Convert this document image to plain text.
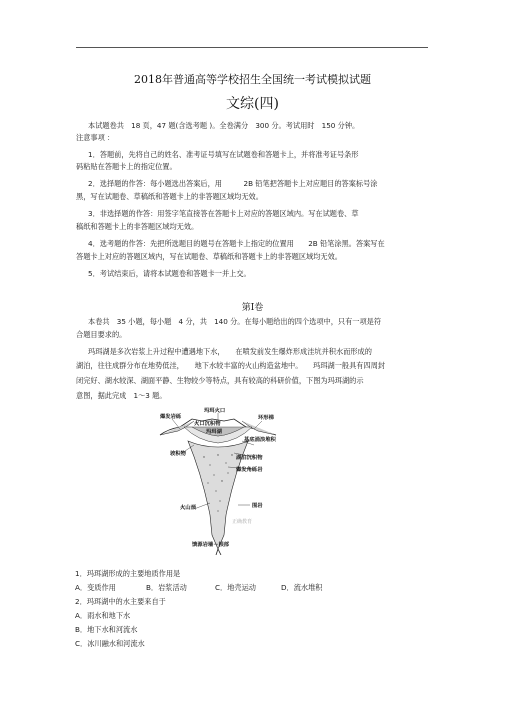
2018年普通高等学校招生全国统一考试模拟试题
文综(四)
本试题卷共　18 页，47 题(含选考题 )。全卷满分　300 分。考试用时　150 分钟。
注意事项 ：
1．答题前，先将自己的姓名、准考证号填写在试题卷和答题卡上，并将准考证号条形
码粘贴在答题卡上的指定位置。
2．选择题的作答：每小题选出答案后，用　　　2B 铅笔把答题卡上对应题目的答案标号涂
黑，写在试题卷、草稿纸和答题卡上的非答题区域均无效。
3．非选择题的作答：用签字笔直接答在答题卡上对应的答题区域内。写在试题卷、草
稿纸和答题卡上的非答题区域均无效。
4．选考题的作答：先把所选题目的题号在答题卡上指定的位置用　　2B 铅笔涂黑。答案写在
答题卡上对应的答题区域内，写在试题卷、草稿纸和答题卡上的非答题区域均无效。
5．考试结束后，请将本试题卷和答题卡一并上交。
第Ⅰ卷
本卷共　35 小题，每小题　4 分，共　140 分。在每小题给出的四个选项中，只有一项是符
合题目要求的。
玛珥湖是多次岩浆上升过程中遭遇地下水，　　在喷发前发生爆炸形成洼坑并积水而形成的
湖泊，往往成群分布在地势低洼，　　地下水较丰富的火山构造盆地中。　　玛珥湖一般具有四周封
闭完好、湖水较深、湖面平静、生物较少等特点，具有较高的科研价值，下图为玛珥湖的示
意图，据此完成　1～3 题。
玛珥火口
爆发岩砾	环形梯
火口沉积物
玛珥湖
基底涌浪堆积
坡积物
湖泊沉积物
爆发角砾岩
火山颈	围岩
馈源岩墙－根部
正确教育
1．玛珥湖形成的主要地质作用是
A．变质作用	B．岩浆活动	C．地壳运动	D．流水堆积
2．玛珥湖中的水主要来自于
A．雨水和地下水
B．地下水和河流水
C．冰川融水和河流水
